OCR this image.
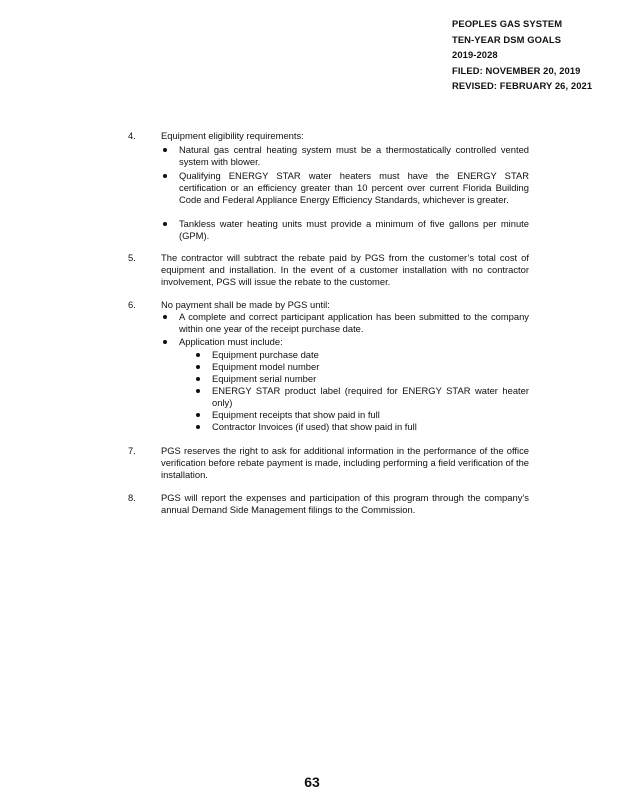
PEOPLES GAS SYSTEM
TEN-YEAR DSM GOALS
2019-2028
FILED: NOVEMBER 20, 2019
REVISED: FEBRUARY 26, 2021
4.	Equipment eligibility requirements:
Natural gas central heating system must be a thermostatically controlled vented system with blower.
Qualifying ENERGY STAR water heaters must have the ENERGY STAR certification or an efficiency greater than 10 percent over current Florida Building Code and Federal Appliance Energy Efficiency Standards, whichever is greater.
Tankless water heating units must provide a minimum of five gallons per minute (GPM).
5.	The contractor will subtract the rebate paid by PGS from the customer’s total cost of equipment and installation. In the event of a customer installation with no contractor involvement, PGS will issue the rebate to the customer.
6.	No payment shall be made by PGS until:
A complete and correct participant application has been submitted to the company within one year of the receipt purchase date.
Application must include:
Equipment purchase date
Equipment model number
Equipment serial number
ENERGY STAR product label (required for ENERGY STAR water heater only)
Equipment receipts that show paid in full
Contractor Invoices (if used) that show paid in full
7.	PGS reserves the right to ask for additional information in the performance of the office verification before rebate payment is made, including performing a field verification of the installation.
8.	PGS will report the expenses and participation of this program through the company’s annual Demand Side Management filings to the Commission.
63
